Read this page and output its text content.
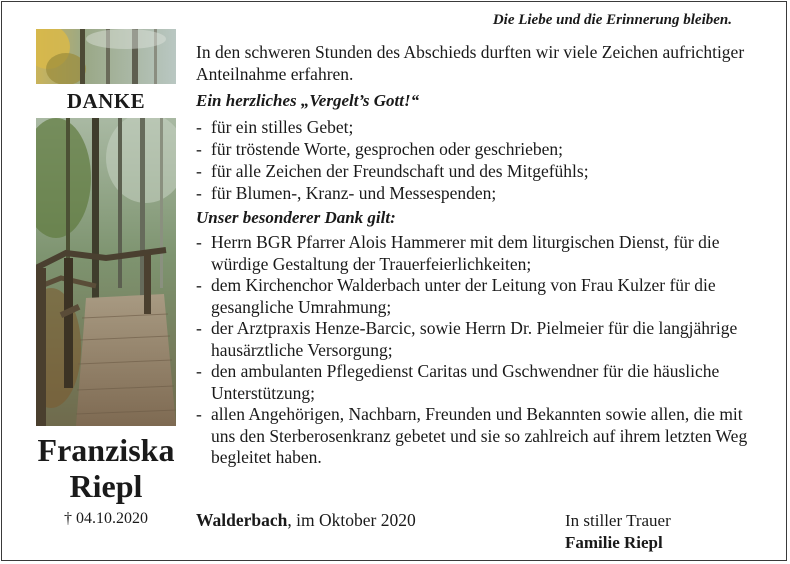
Die Liebe und die Erinnerung bleiben.
DANKE
Franziska
Riepl
† 04.10.2020

In den schweren Stunden des Abschieds durften wir viele Zeichen aufrichtiger Anteilnahme erfahren.

Ein herzliches „Vergelt’s Gott!“
- für ein stilles Gebet;
- für tröstende Worte, gesprochen oder geschrieben;
- für alle Zeichen der Freundschaft und des Mitgefühls;
- für Blumen-, Kranz- und Messespenden;
Unser besonderer Dank gilt:
- Herrn BGR Pfarrer Alois Hammerer mit dem liturgischen Dienst, für die würdige Gestaltung der Trauerfeierlichkeiten;
- dem Kirchenchor Walderbach unter der Leitung von Frau Kulzer für die gesangliche Umrahmung;
- der Arztpraxis Henze-Barcic, sowie Herrn Dr. Pielmeier für die langjährige hausärztliche Versorgung;
- den ambulanten Pflegedienst Caritas und Gschwendner für die häusliche Unterstützung;
- allen Angehörigen, Nachbarn, Freunden und Bekannten sowie allen, die mit uns den Sterberosenkranz gebetet und sie so zahlreich auf ihrem letzten Weg begleitet haben.
Walderbach, im Oktober 2020	In stiller Trauer
Familie Riepl
